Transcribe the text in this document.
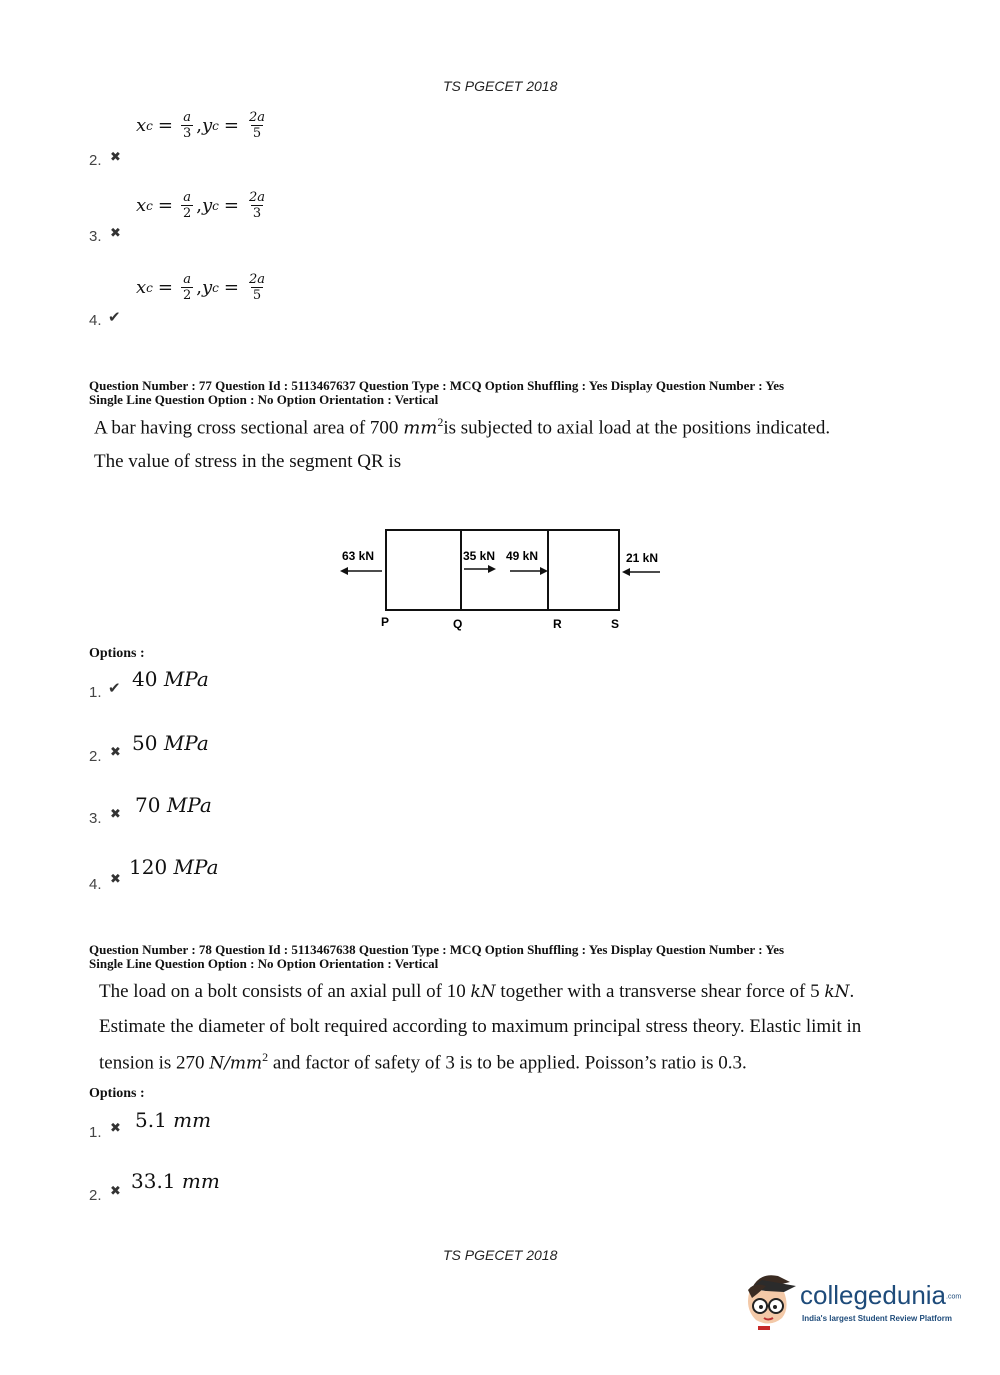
TS PGECET 2018
x $c = \frac{a}{3}$ , y $c = \frac{2a}{5}$
2. ✖
x $c = \frac{a}{2}$ , y $c = \frac{2a}{3}$
3. ✖
x $c = \frac{a}{2}$ , y $c = \frac{2a}{5}$
4. ✔
Question Number : 77 Question Id : 5113467637 Question Type : MCQ Option Shuffling : Yes Display Question Number : Yes
Single Line Question Option : No Option Orientation : Vertical
A bar having cross sectional area of 700 $mm^2is$ subjected to axial load at the positions indicated.
The value of stress in the segment QR is
63 kN	35 kN 49 kN	21 kN
P	Q	R	S
Options :
1. ✔ 40 MPa
2. ✖ 50 MPa
3. ✖ 70 MPa
4. ✖
120 MPa
Question Number : 78 Question Id : 5113467638 Question Type : MCQ Option Shuffling : Yes Display Question Number : Yes
Single Line Question Option : No Option Orientation : Vertical
The load on a bolt consists of an axial pull of 10 kN together with a transverse shear force of 5 kN.
Estimate the diameter of bolt required according to maximum principal stress theory. Elastic limit in
tension is 270 $N/mm^2$ and factor of safety of 3 is to be applied. Poisson’s ratio is 0.3.
Options :
1. ✖ 5.1 mm
2. ✖ 33.1 mm
TS PGECET 2018
collegedunia.com
India's largest Student Review Platform
